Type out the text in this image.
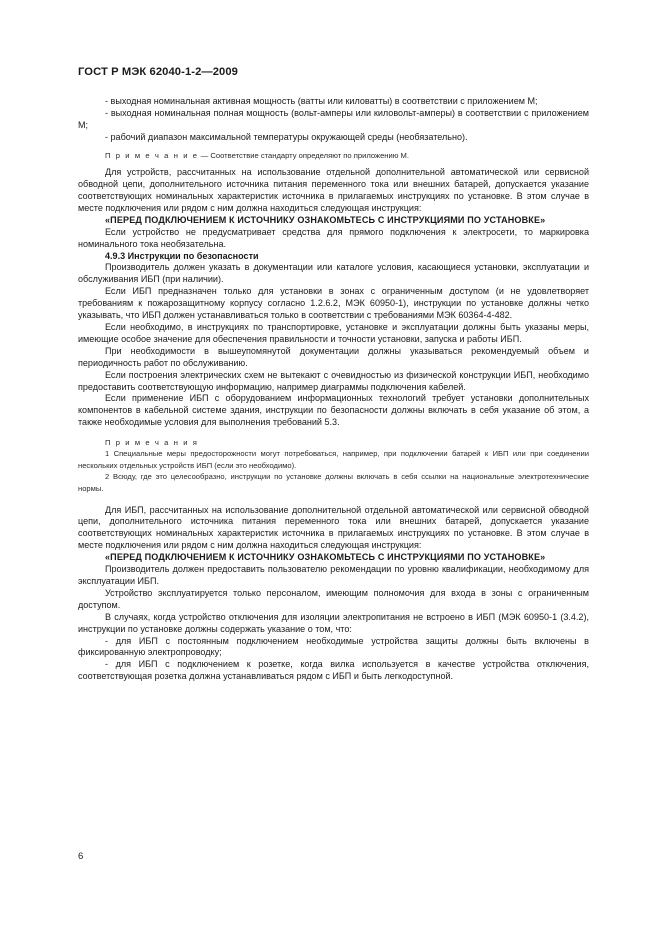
ГОСТ Р МЭК 62040-1-2—2009

- выходная номинальная активная мощность (ватты или киловатты) в соответствии с приложением М;

- выходная номинальная полная мощность (вольт-амперы или киловольт-амперы) в соответствии с приложением М;

- рабочий диапазон максимальной температуры окружающей среды (необязательно).

П р и м е ч а н и е — Соответствие стандарту определяют по приложению М.

Для устройств, рассчитанных на использование отдельной дополнительной автоматической или сервисной обводной цепи, дополнительного источника питания переменного тока или внешних батарей, допускается указание соответствующих номинальных характеристик источника в прилагаемых инструкциях по установке. В этом случае в месте подключения или рядом с ним должна находиться следующая инструкция:

«ПЕРЕД ПОДКЛЮЧЕНИЕМ К ИСТОЧНИКУ ОЗНАКОМЬТЕСЬ С ИНСТРУКЦИЯМИ ПО УСТАНОВКЕ»

Если устройство не предусматривает средства для прямого подключения к электросети, то маркировка номинального тока необязательна.

4.9.3 Инструкции по безопасности

Производитель должен указать в документации или каталоге условия, касающиеся установки, эксплуатации и обслуживания ИБП (при наличии).

Если ИБП предназначен только для установки в зонах с ограниченным доступом (и не удовлетворяет требованиям к пожарозащитному корпусу согласно 1.2.6.2, МЭК 60950-1), инструкции по установке должны четко указывать, что ИБП должен устанавливаться только в соответствии с требованиями МЭК 60364-4-482.

Если необходимо, в инструкциях по транспортировке, установке и эксплуатации должны быть указаны меры, имеющие особое значение для обеспечения правильности и точности установки, запуска и работы ИБП.

При необходимости в вышеупомянутой документации должны указываться рекомендуемый объем и периодичность работ по обслуживанию.

Если построения электрических схем не вытекают с очевидностью из физической конструкции ИБП, необходимо предоставить соответствующую информацию, например диаграммы подключения кабелей.

Если применение ИБП с оборудованием информационных технологий требует установки дополнительных компонентов в кабельной системе здания, инструкции по безопасности должны включать в себя указание об этом, а также необходимые условия для выполнения требований 5.3.

П р и м е ч а н и я

1 Специальные меры предосторожности могут потребоваться, например, при подключении батарей к ИБП или при соединении нескольких отдельных устройств ИБП (если это необходимо).

2 Всюду, где это целесообразно, инструкции по установке должны включать в себя ссылки на национальные электротехнические нормы.

Для ИБП, рассчитанных на использование дополнительной отдельной автоматической или сервисной обводной цепи, дополнительного источника питания переменного тока или внешних батарей, допускается указание соответствующих номинальных характеристик источника в прилагаемых инструкциях по установке. В этом случае в месте подключения или рядом с ним должна находиться следующая инструкция:

«ПЕРЕД ПОДКЛЮЧЕНИЕМ К ИСТОЧНИКУ ОЗНАКОМЬТЕСЬ С ИНСТРУКЦИЯМИ ПО УСТАНОВКЕ»

Производитель должен предоставить пользователю рекомендации по уровню квалификации, необходимому для эксплуатации ИБП.

Устройство эксплуатируется только персоналом, имеющим полномочия для входа в зоны с ограниченным доступом.

В случаях, когда устройство отключения для изоляции электропитания не встроено в ИБП (МЭК 60950-1 (3.4.2), инструкции по установке должны содержать указание о том, что:

- для ИБП с постоянным подключением необходимые устройства защиты должны быть включены в фиксированную электропроводку;

- для ИБП с подключением к розетке, когда вилка используется в качестве устройства отключения, соответствующая розетка должна устанавливаться рядом с ИБП и быть легкодоступной.

6
